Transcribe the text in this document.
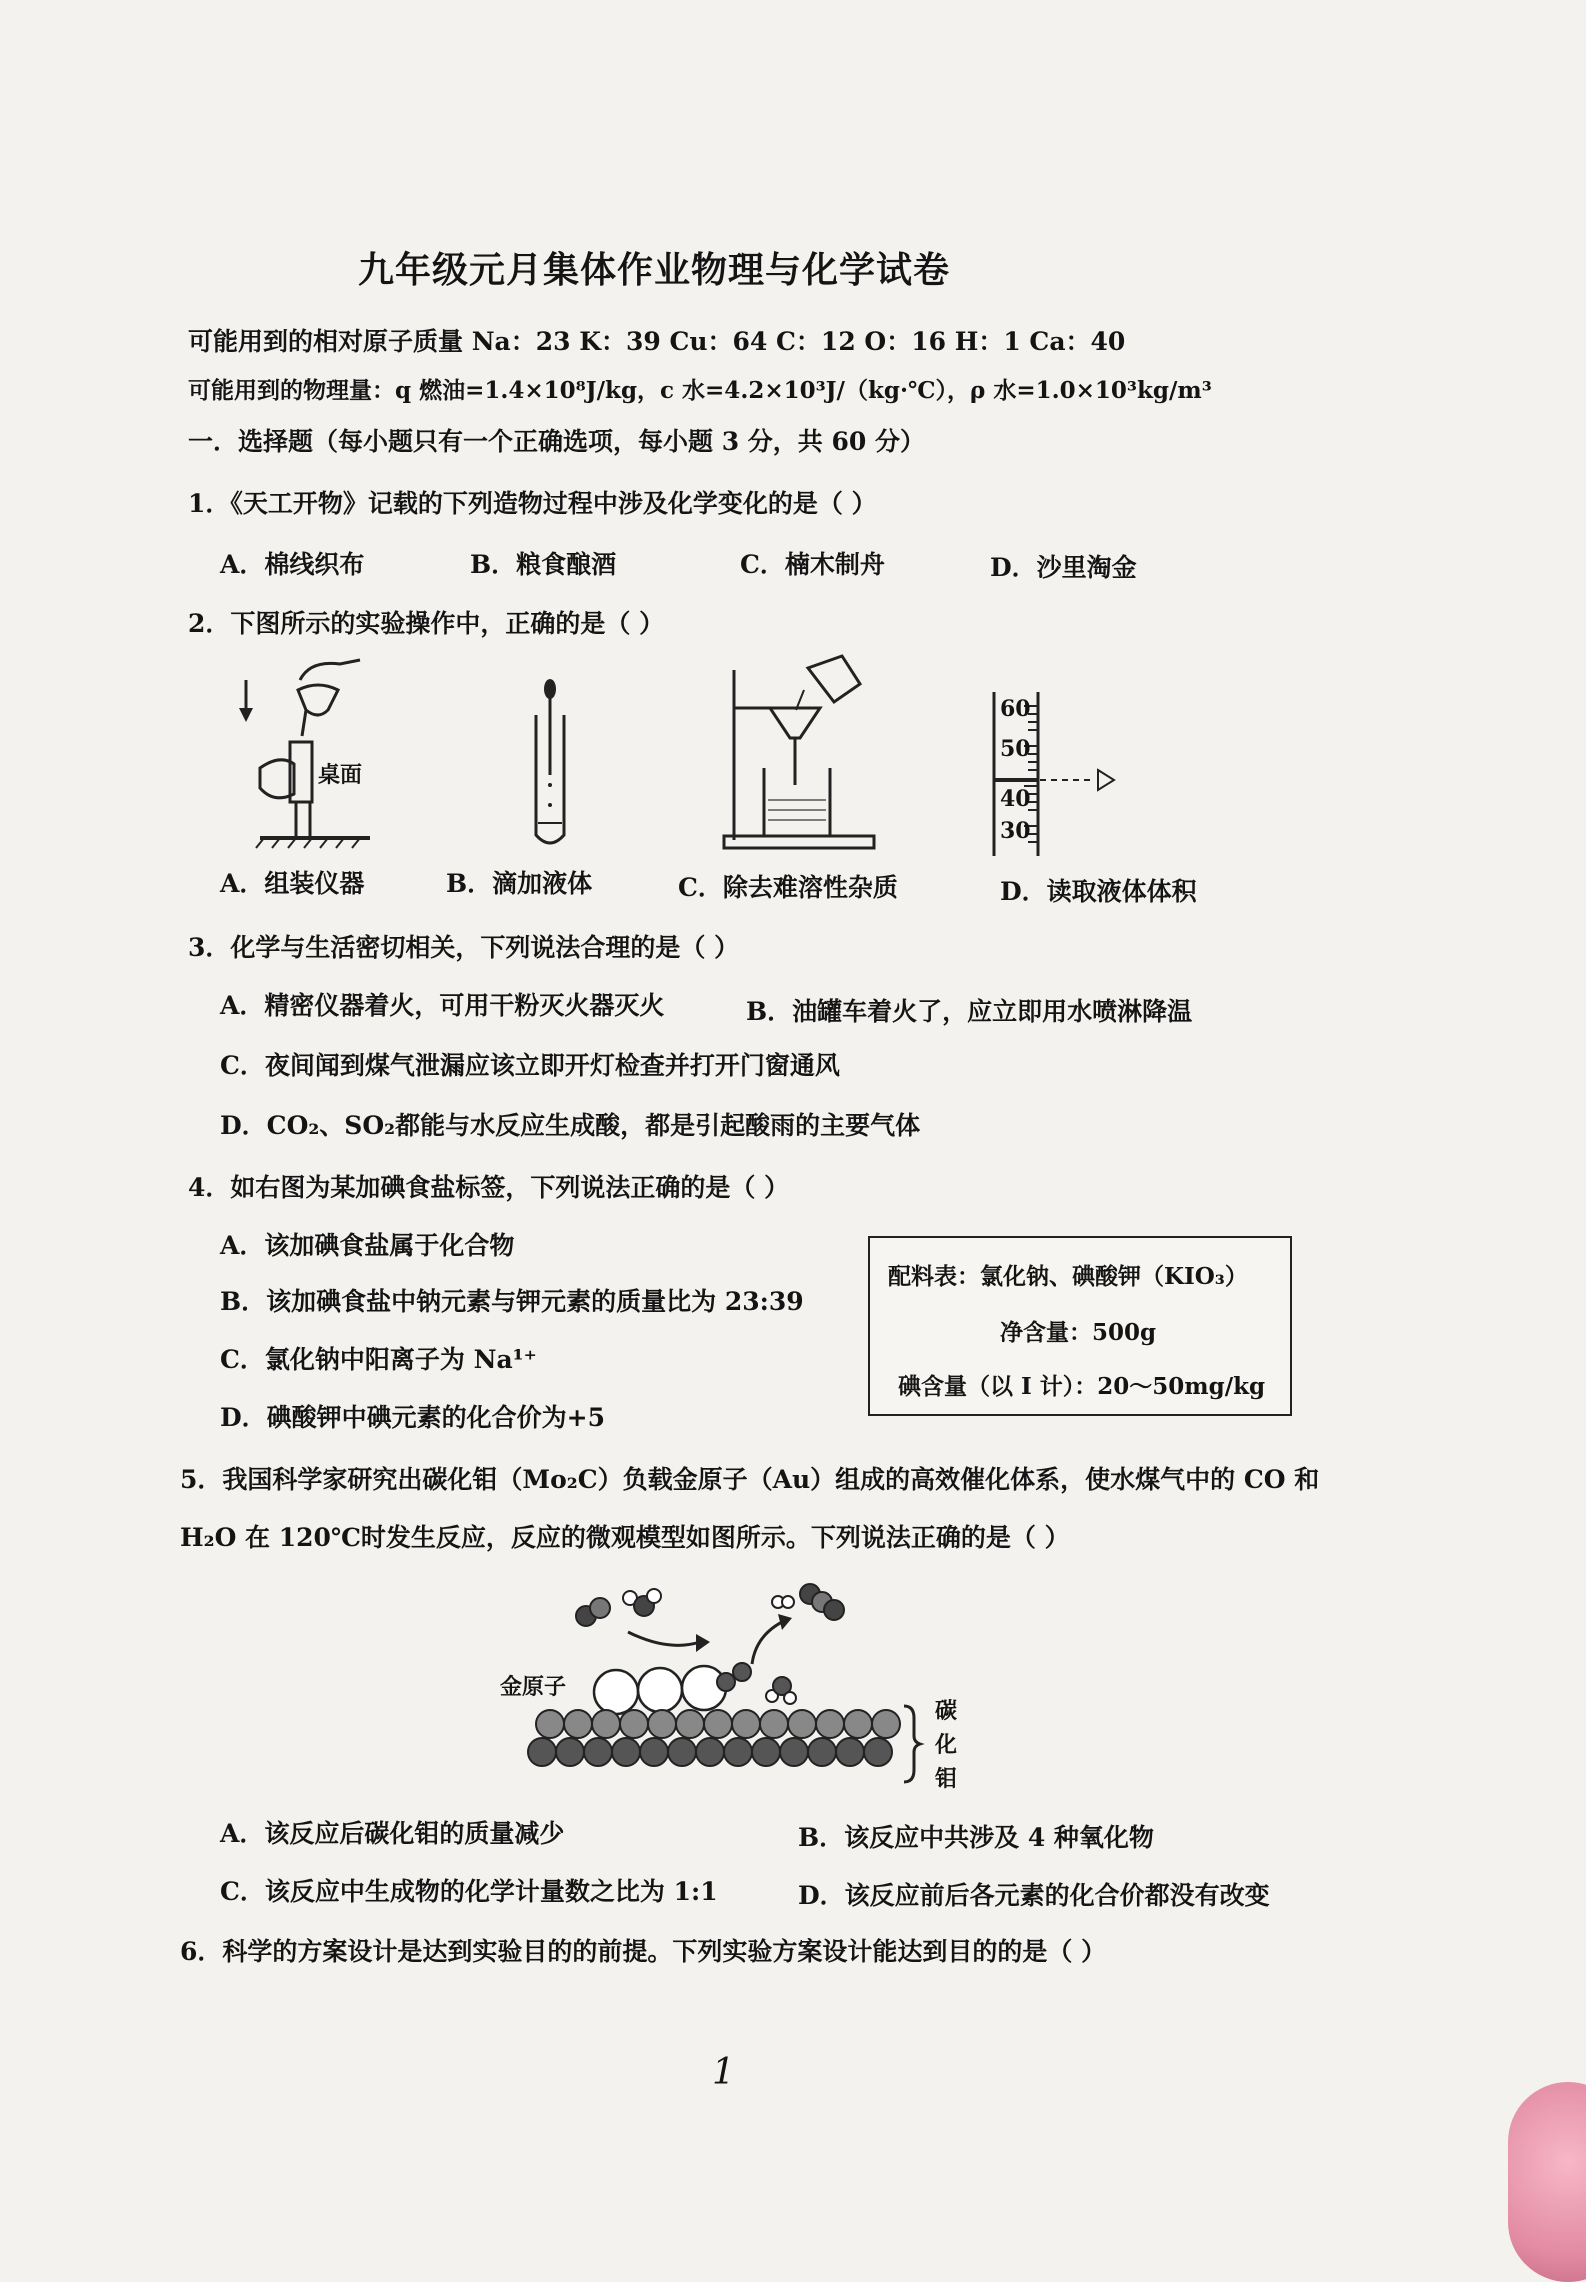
九年级元月集体作业物理与化学试卷
可能用到的相对原子质量 Na：23 K：39 Cu：64 C：12 O：16 H：1 Ca：40
可能用到的物理量：q 燃油=1.4×10⁸J/kg，c 水=4.2×10³J/（kg·℃），ρ 水=1.0×10³kg/m³
一．选择题（每小题只有一个正确选项，每小题 3 分，共 60 分）
1．《天工开物》记载的下列造物过程中涉及化学变化的是（ ）
A．棉线织布	B．粮食酿酒	C．楠木制舟	D．沙里淘金
2．下图所示的实验操作中，正确的是（ ）
桌面
60
50
40
30
A．组装仪器	B．滴加液体	C．除去难溶性杂质	D．读取液体体积
3．化学与生活密切相关，下列说法合理的是（ ）
A．精密仪器着火，可用干粉灭火器灭火	B．油罐车着火了，应立即用水喷淋降温
C．夜间闻到煤气泄漏应该立即开灯检查并打开门窗通风
D．CO₂、SO₂都能与水反应生成酸，都是引起酸雨的主要气体
4．如右图为某加碘食盐标签，下列说法正确的是（ ）
A．该加碘食盐属于化合物
B．该加碘食盐中钠元素与钾元素的质量比为 23:39
C．氯化钠中阳离子为 Na¹⁺
D．碘酸钾中碘元素的化合价为+5
配料表：氯化钠、碘酸钾（KIO₃）
净含量：500g
碘含量（以 I 计）：20～50mg/kg
5．我国科学家研究出碳化钼（Mo₂C）负载金原子（Au）组成的高效催化体系，使水煤气中的 CO 和
H₂O 在 120℃时发生反应，反应的微观模型如图所示。下列说法正确的是（ ）
金原子
碳
化
钼
A．该反应后碳化钼的质量减少	B．该反应中共涉及 4 种氧化物
C．该反应中生成物的化学计量数之比为 1:1	D．该反应前后各元素的化合价都没有改变
6．科学的方案设计是达到实验目的的前提。下列实验方案设计能达到目的的是（ ）
1
